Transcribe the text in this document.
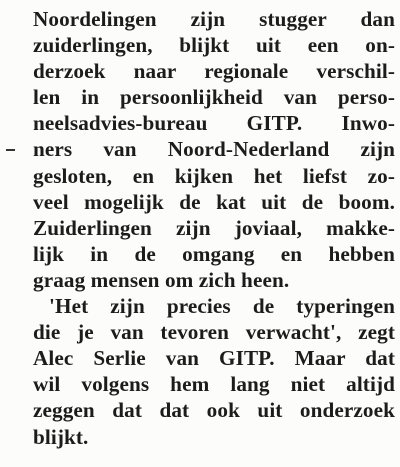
Noordelingen zijn stugger dan
zuiderlingen, blijkt uit een on-
derzoek naar regionale verschil-
len in persoonlijkheid van perso-
neelsadvies-bureau GITP. Inwo-
ners van Noord-Nederland zijn
gesloten, en kijken het liefst zo-
veel mogelijk de kat uit de boom.
Zuiderlingen zijn joviaal, makke-
lijk in de omgang en hebben
graag mensen om zich heen.
'Het zijn precies de typeringen
die je van tevoren verwacht', zegt
Alec Serlie van GITP. Maar dat
wil volgens hem lang niet altijd
zeggen dat dat ook uit onderzoek
blijkt.
